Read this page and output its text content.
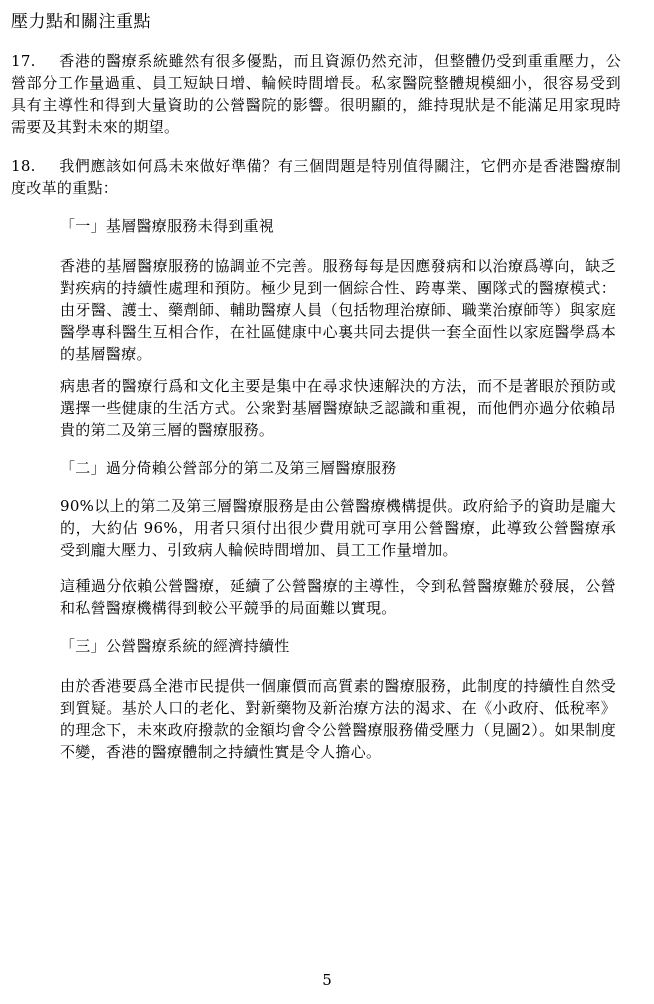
壓力點和關注重點

17. 香港的醫療系統雖然有很多優點，而且資源仍然充沛，但整體仍受到重重壓力，公營部分工作量過重、員工短缺日增、輪候時間增長。私家醫院整體規模細小，很容易受到具有主導性和得到大量資助的公營醫院的影響。很明顯的，維持現狀是不能滿足用家現時需要及其對未來的期望。

18. 我們應該如何爲未來做好準備？有三個問題是特別值得關注，它們亦是香港醫療制度改革的重點：

「一」基層醫療服務未得到重視

香港的基層醫療服務的協調並不完善。服務每每是因應發病和以治療爲導向，缺乏對疾病的持續性處理和預防。極少見到一個綜合性、跨專業、團隊式的醫療模式：由牙醫、護士、藥劑師、輔助醫療人員（包括物理治療師、職業治療師等）與家庭醫學專科醫生互相合作，在社區健康中心裏共同去提供一套全面性以家庭醫學爲本的基層醫療。

病患者的醫療行爲和文化主要是集中在尋求快速解決的方法，而不是著眼於預防或選擇一些健康的生活方式。公衆對基層醫療缺乏認識和重視，而他們亦過分依賴昂貴的第二及第三層的醫療服務。

「二」過分倚賴公營部分的第二及第三層醫療服務

90%以上的第二及第三層醫療服務是由公營醫療機構提供。政府給予的資助是龐大的，大約佔 96%，用者只須付出很少費用就可享用公營醫療，此導致公營醫療承受到龐大壓力、引致病人輪候時間增加、員工工作量增加。

這種過分依賴公營醫療，延續了公營醫療的主導性，令到私營醫療難於發展，公營和私營醫療機構得到較公平競爭的局面難以實現。

「三」公營醫療系統的經濟持續性

由於香港要爲全港市民提供一個廉價而高質素的醫療服務，此制度的持續性自然受到質疑。基於人口的老化、對新藥物及新治療方法的渴求、在《小政府、低稅率》的理念下，未來政府撥款的金額均會令公營醫療服務備受壓力（見圖2）。如果制度不變，香港的醫療體制之持續性實是令人擔心。

5
